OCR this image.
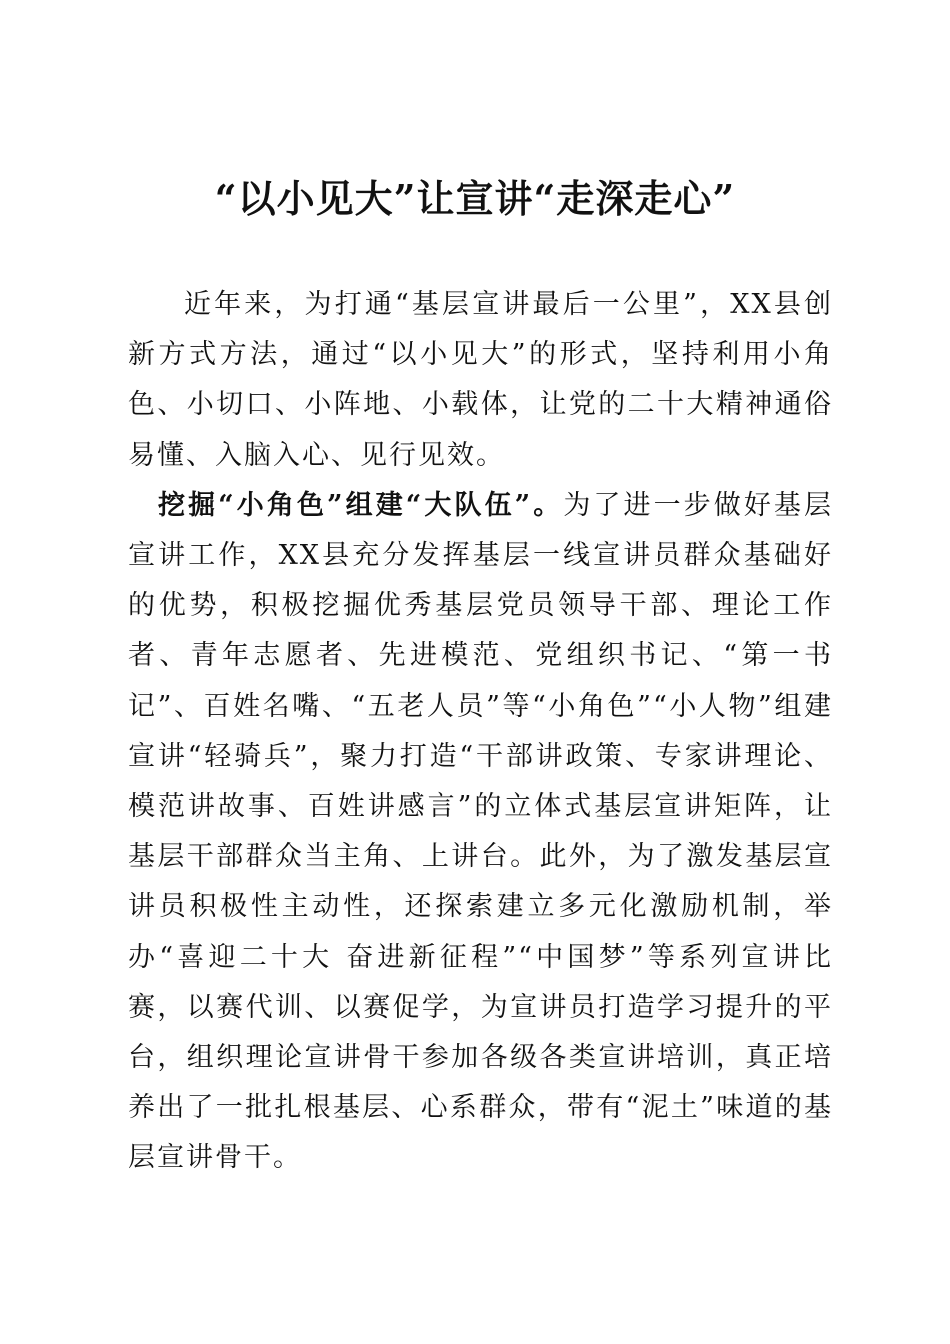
“以小见大”让宣讲“走深走心”

近年来，为打通“基层宣讲最后一公里”，XX县创新方式方法，通过“以小见大”的形式，坚持利用小角色、小切口、小阵地、小载体，让党的二十大精神通俗易懂、入脑入心、见行见效。

挖掘“小角色”组建“大队伍”。为了进一步做好基层宣讲工作，XX县充分发挥基层一线宣讲员群众基础好的优势，积极挖掘优秀基层党员领导干部、理论工作者、青年志愿者、先进模范、党组织书记、“第一书记”、百姓名嘴、“五老人员”等“小角色”“小人物”组建宣讲“轻骑兵”，聚力打造“干部讲政策、专家讲理论、模范讲故事、百姓讲感言”的立体式基层宣讲矩阵，让基层干部群众当主角、上讲台。此外，为了激发基层宣讲员积极性主动性，还探索建立多元化激励机制，举办“喜迎二十大 奋进新征程”“中国梦”等系列宣讲比赛，以赛代训、以赛促学，为宣讲员打造学习提升的平台，组织理论宣讲骨干参加各级各类宣讲培训，真正培养出了一批扎根基层、心系群众，带有“泥土”味道的基层宣讲骨干。
